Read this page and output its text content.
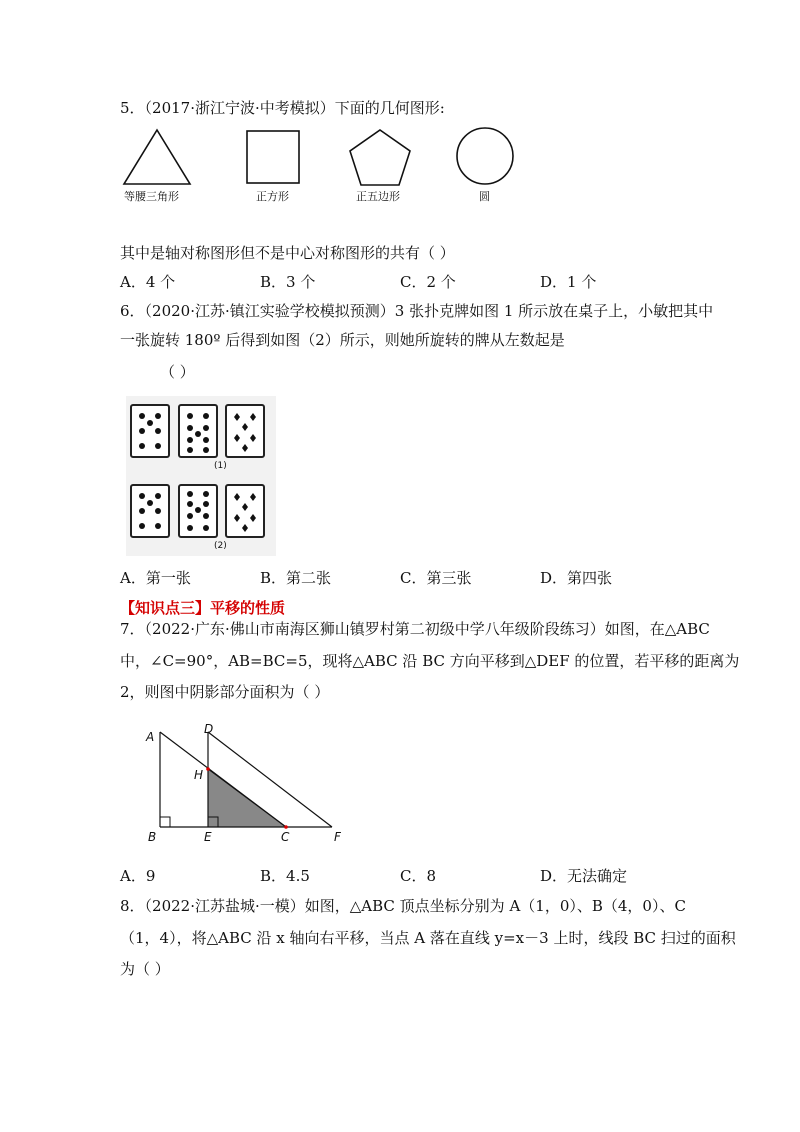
5．（2017·浙江宁波·中考模拟）下面的几何图形:
等腰三角形	正方形	正五边形	圆
其中是轴对称图形但不是中心对称图形的共有（ ）
A．4 个	B．3 个	C．2 个	D．1 个
6．（2020·江苏·镇江实验学校模拟预测）3 张扑克牌如图 1 所示放在桌子上，小敏把其中
一张旋转 180º 后得到如图（2）所示，则她所旋转的牌从左数起是
（ ）
(1)
(2)
A．第一张	B．第二张	C．第三张	D．第四张
【知识点三】平移的性质
7．（2022·广东·佛山市南海区狮山镇罗村第二初级中学八年级阶段练习）如图，在△ABC
中，∠C=90°，AB=BC=5，现将△ABC 沿 BC 方向平移到△DEF 的位置，若平移的距离为
2，则图中阴影部分面积为（ ）
A
D
H
B	E	C	F
A．9	B．4.5	C．8	D．无法确定
8．（2022·江苏盐城·一模）如图，△ABC 顶点坐标分别为 A（1，0）、B（4，0）、C
（1，4），将△ABC 沿 x 轴向右平移，当点 A 落在直线 y=x－3 上时，线段 BC 扫过的面积
为（ ）
